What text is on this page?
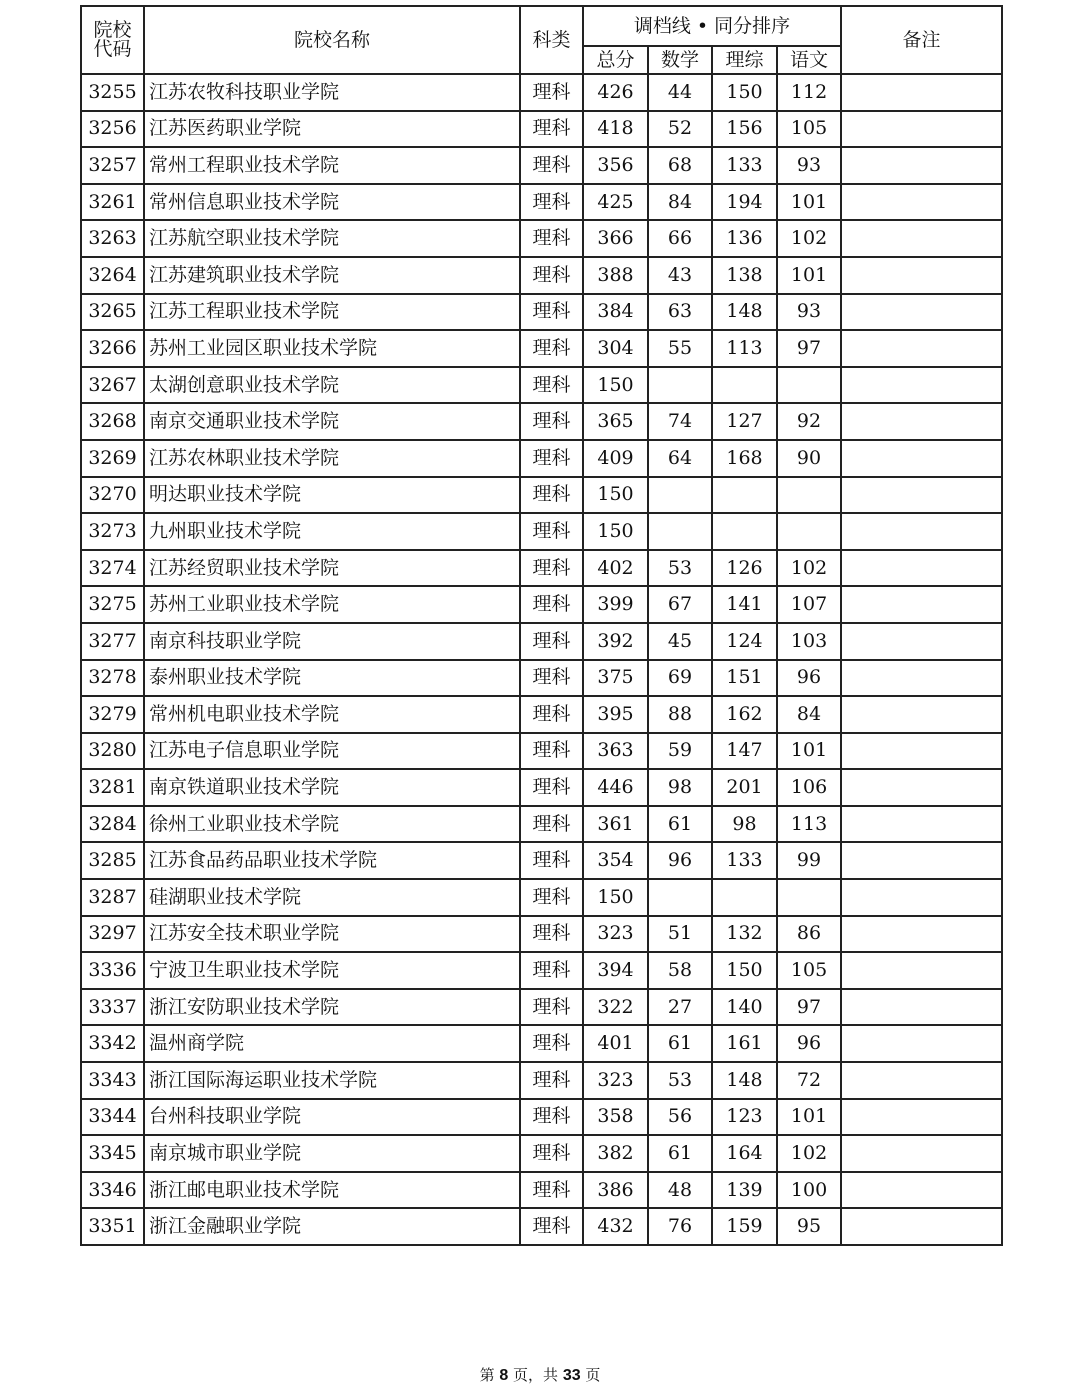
院校
代码	院校名称	科类	调档线 • 同分排序				备注
			总分	数学	理综	语文	
3255	江苏农牧科技职业学院	理科	426	44	150	112	
3256	江苏医药职业学院	理科	418	52	156	105	
3257	常州工程职业技术学院	理科	356	68	133	93	
3261	常州信息职业技术学院	理科	425	84	194	101	
3263	江苏航空职业技术学院	理科	366	66	136	102	
3264	江苏建筑职业技术学院	理科	388	43	138	101	
3265	江苏工程职业技术学院	理科	384	63	148	93	
3266	苏州工业园区职业技术学院	理科	304	55	113	97	
3267	太湖创意职业技术学院	理科	150				
3268	南京交通职业技术学院	理科	365	74	127	92	
3269	江苏农林职业技术学院	理科	409	64	168	90	
3270	明达职业技术学院	理科	150				
3273	九州职业技术学院	理科	150				
3274	江苏经贸职业技术学院	理科	402	53	126	102	
3275	苏州工业职业技术学院	理科	399	67	141	107	
3277	南京科技职业学院	理科	392	45	124	103	
3278	泰州职业技术学院	理科	375	69	151	96	
3279	常州机电职业技术学院	理科	395	88	162	84	
3280	江苏电子信息职业学院	理科	363	59	147	101	
3281	南京铁道职业技术学院	理科	446	98	201	106	
3284	徐州工业职业技术学院	理科	361	61	98	113	
3285	江苏食品药品职业技术学院	理科	354	96	133	99	
3287	硅湖职业技术学院	理科	150				
3297	江苏安全技术职业学院	理科	323	51	132	86	
3336	宁波卫生职业技术学院	理科	394	58	150	105	
3337	浙江安防职业技术学院	理科	322	27	140	97	
3342	温州商学院	理科	401	61	161	96	
3343	浙江国际海运职业技术学院	理科	323	53	148	72	
3344	台州科技职业学院	理科	358	56	123	101	
3345	南京城市职业学院	理科	382	61	164	102	
3346	浙江邮电职业技术学院	理科	386	48	139	100	
3351	浙江金融职业学院	理科	432	76	159	95	
第 8 页，共 33 页
